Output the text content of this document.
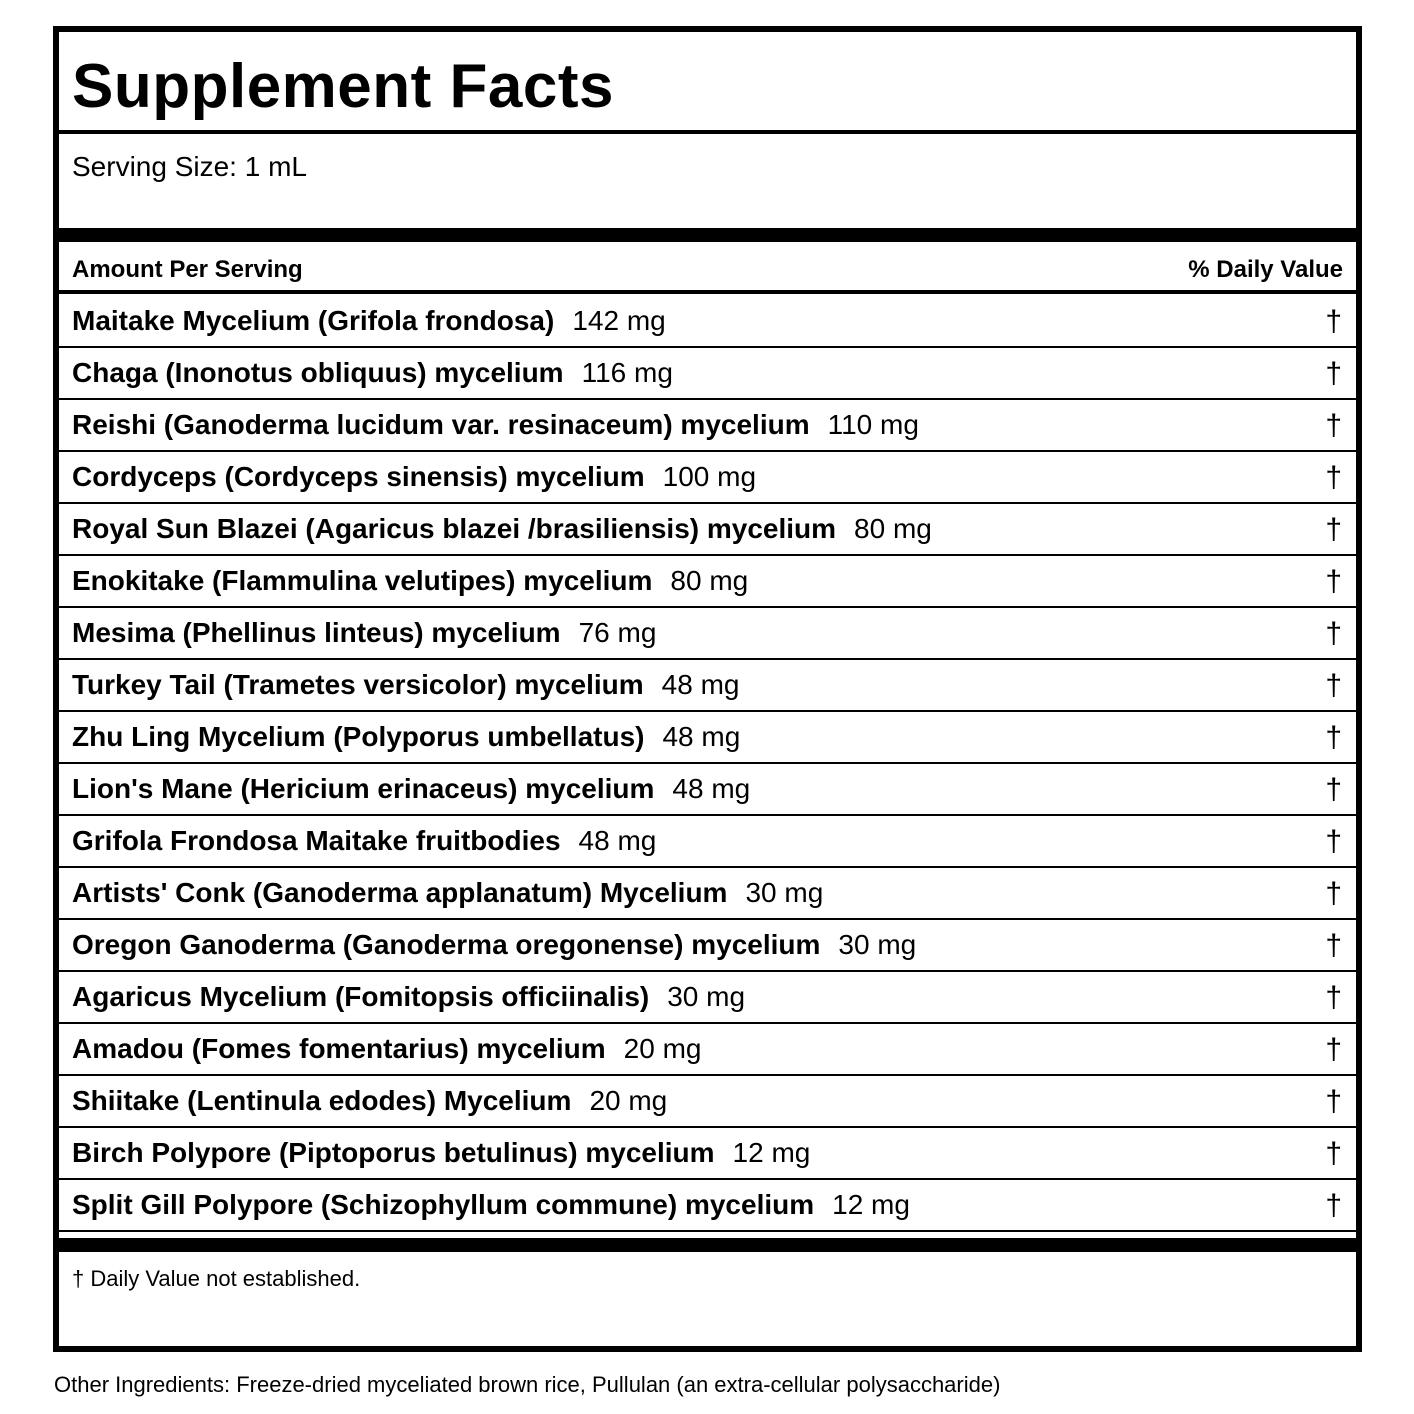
Supplement Facts
Serving Size: 1 mL
Amount Per Serving	% Daily Value
Maitake Mycelium (Grifola frondosa) 142 mg	†
Chaga (Inonotus obliquus) mycelium 116 mg	†
Reishi (Ganoderma lucidum var. resinaceum) mycelium 110 mg	†
Cordyceps (Cordyceps sinensis) mycelium 100 mg	†
Royal Sun Blazei (Agaricus blazei /brasiliensis) mycelium 80 mg	†
Enokitake (Flammulina velutipes) mycelium 80 mg	†
Mesima (Phellinus linteus) mycelium 76 mg	†
Turkey Tail (Trametes versicolor) mycelium 48 mg	†
Zhu Ling Mycelium (Polyporus umbellatus) 48 mg	†
Lion's Mane (Hericium erinaceus) mycelium 48 mg	†
Grifola Frondosa Maitake fruitbodies 48 mg	†
Artists' Conk (Ganoderma applanatum) Mycelium 30 mg	†
Oregon Ganoderma (Ganoderma oregonense) mycelium 30 mg	†
Agaricus Mycelium (Fomitopsis officiinalis) 30 mg	†
Amadou (Fomes fomentarius) mycelium 20 mg	†
Shiitake (Lentinula edodes) Mycelium 20 mg	†
Birch Polypore (Piptoporus betulinus) mycelium 12 mg	†
Split Gill Polypore (Schizophyllum commune) mycelium 12 mg	†
† Daily Value not established.
Other Ingredients: Freeze-dried myceliated brown rice, Pullulan (an extra-cellular polysaccharide)
